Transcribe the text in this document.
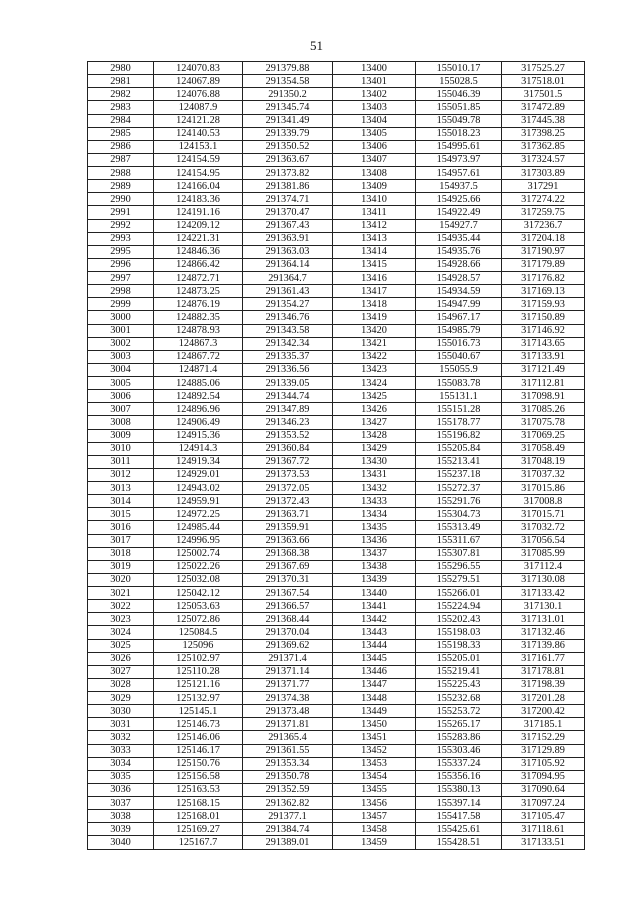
51
2980	124070.83	291379.88	13400	155010.17	317525.27
2981	124067.89	291354.58	13401	155028.5	317518.01
2982	124076.88	291350.2	13402	155046.39	317501.5
2983	124087.9	291345.74	13403	155051.85	317472.89
2984	124121.28	291341.49	13404	155049.78	317445.38
2985	124140.53	291339.79	13405	155018.23	317398.25
2986	124153.1	291350.52	13406	154995.61	317362.85
2987	124154.59	291363.67	13407	154973.97	317324.57
2988	124154.95	291373.82	13408	154957.61	317303.89
2989	124166.04	291381.86	13409	154937.5	317291
2990	124183.36	291374.71	13410	154925.66	317274.22
2991	124191.16	291370.47	13411	154922.49	317259.75
2992	124209.12	291367.43	13412	154927.7	317236.7
2993	124221.31	291363.91	13413	154935.44	317204.18
2995	124846.36	291363.03	13414	154935.76	317190.97
2996	124866.42	291364.14	13415	154928.66	317179.89
2997	124872.71	291364.7	13416	154928.57	317176.82
2998	124873.25	291361.43	13417	154934.59	317169.13
2999	124876.19	291354.27	13418	154947.99	317159.93
3000	124882.35	291346.76	13419	154967.17	317150.89
3001	124878.93	291343.58	13420	154985.79	317146.92
3002	124867.3	291342.34	13421	155016.73	317143.65
3003	124867.72	291335.37	13422	155040.67	317133.91
3004	124871.4	291336.56	13423	155055.9	317121.49
3005	124885.06	291339.05	13424	155083.78	317112.81
3006	124892.54	291344.74	13425	155131.1	317098.91
3007	124896.96	291347.89	13426	155151.28	317085.26
3008	124906.49	291346.23	13427	155178.77	317075.78
3009	124915.36	291353.52	13428	155196.82	317069.25
3010	124914.3	291360.84	13429	155205.84	317058.49
3011	124919.34	291367.72	13430	155213.41	317048.19
3012	124929.01	291373.53	13431	155237.18	317037.32
3013	124943.02	291372.05	13432	155272.37	317015.86
3014	124959.91	291372.43	13433	155291.76	317008.8
3015	124972.25	291363.71	13434	155304.73	317015.71
3016	124985.44	291359.91	13435	155313.49	317032.72
3017	124996.95	291363.66	13436	155311.67	317056.54
3018	125002.74	291368.38	13437	155307.81	317085.99
3019	125022.26	291367.69	13438	155296.55	317112.4
3020	125032.08	291370.31	13439	155279.51	317130.08
3021	125042.12	291367.54	13440	155266.01	317133.42
3022	125053.63	291366.57	13441	155224.94	317130.1
3023	125072.86	291368.44	13442	155202.43	317131.01
3024	125084.5	291370.04	13443	155198.03	317132.46
3025	125096	291369.62	13444	155198.33	317139.86
3026	125102.97	291371.4	13445	155205.01	317161.77
3027	125110.28	291371.14	13446	155219.41	317178.81
3028	125121.16	291371.77	13447	155225.43	317198.39
3029	125132.97	291374.38	13448	155232.68	317201.28
3030	125145.1	291373.48	13449	155253.72	317200.42
3031	125146.73	291371.81	13450	155265.17	317185.1
3032	125146.06	291365.4	13451	155283.86	317152.29
3033	125146.17	291361.55	13452	155303.46	317129.89
3034	125150.76	291353.34	13453	155337.24	317105.92
3035	125156.58	291350.78	13454	155356.16	317094.95
3036	125163.53	291352.59	13455	155380.13	317090.64
3037	125168.15	291362.82	13456	155397.14	317097.24
3038	125168.01	291377.1	13457	155417.58	317105.47
3039	125169.27	291384.74	13458	155425.61	317118.61
3040	125167.7	291389.01	13459	155428.51	317133.51
